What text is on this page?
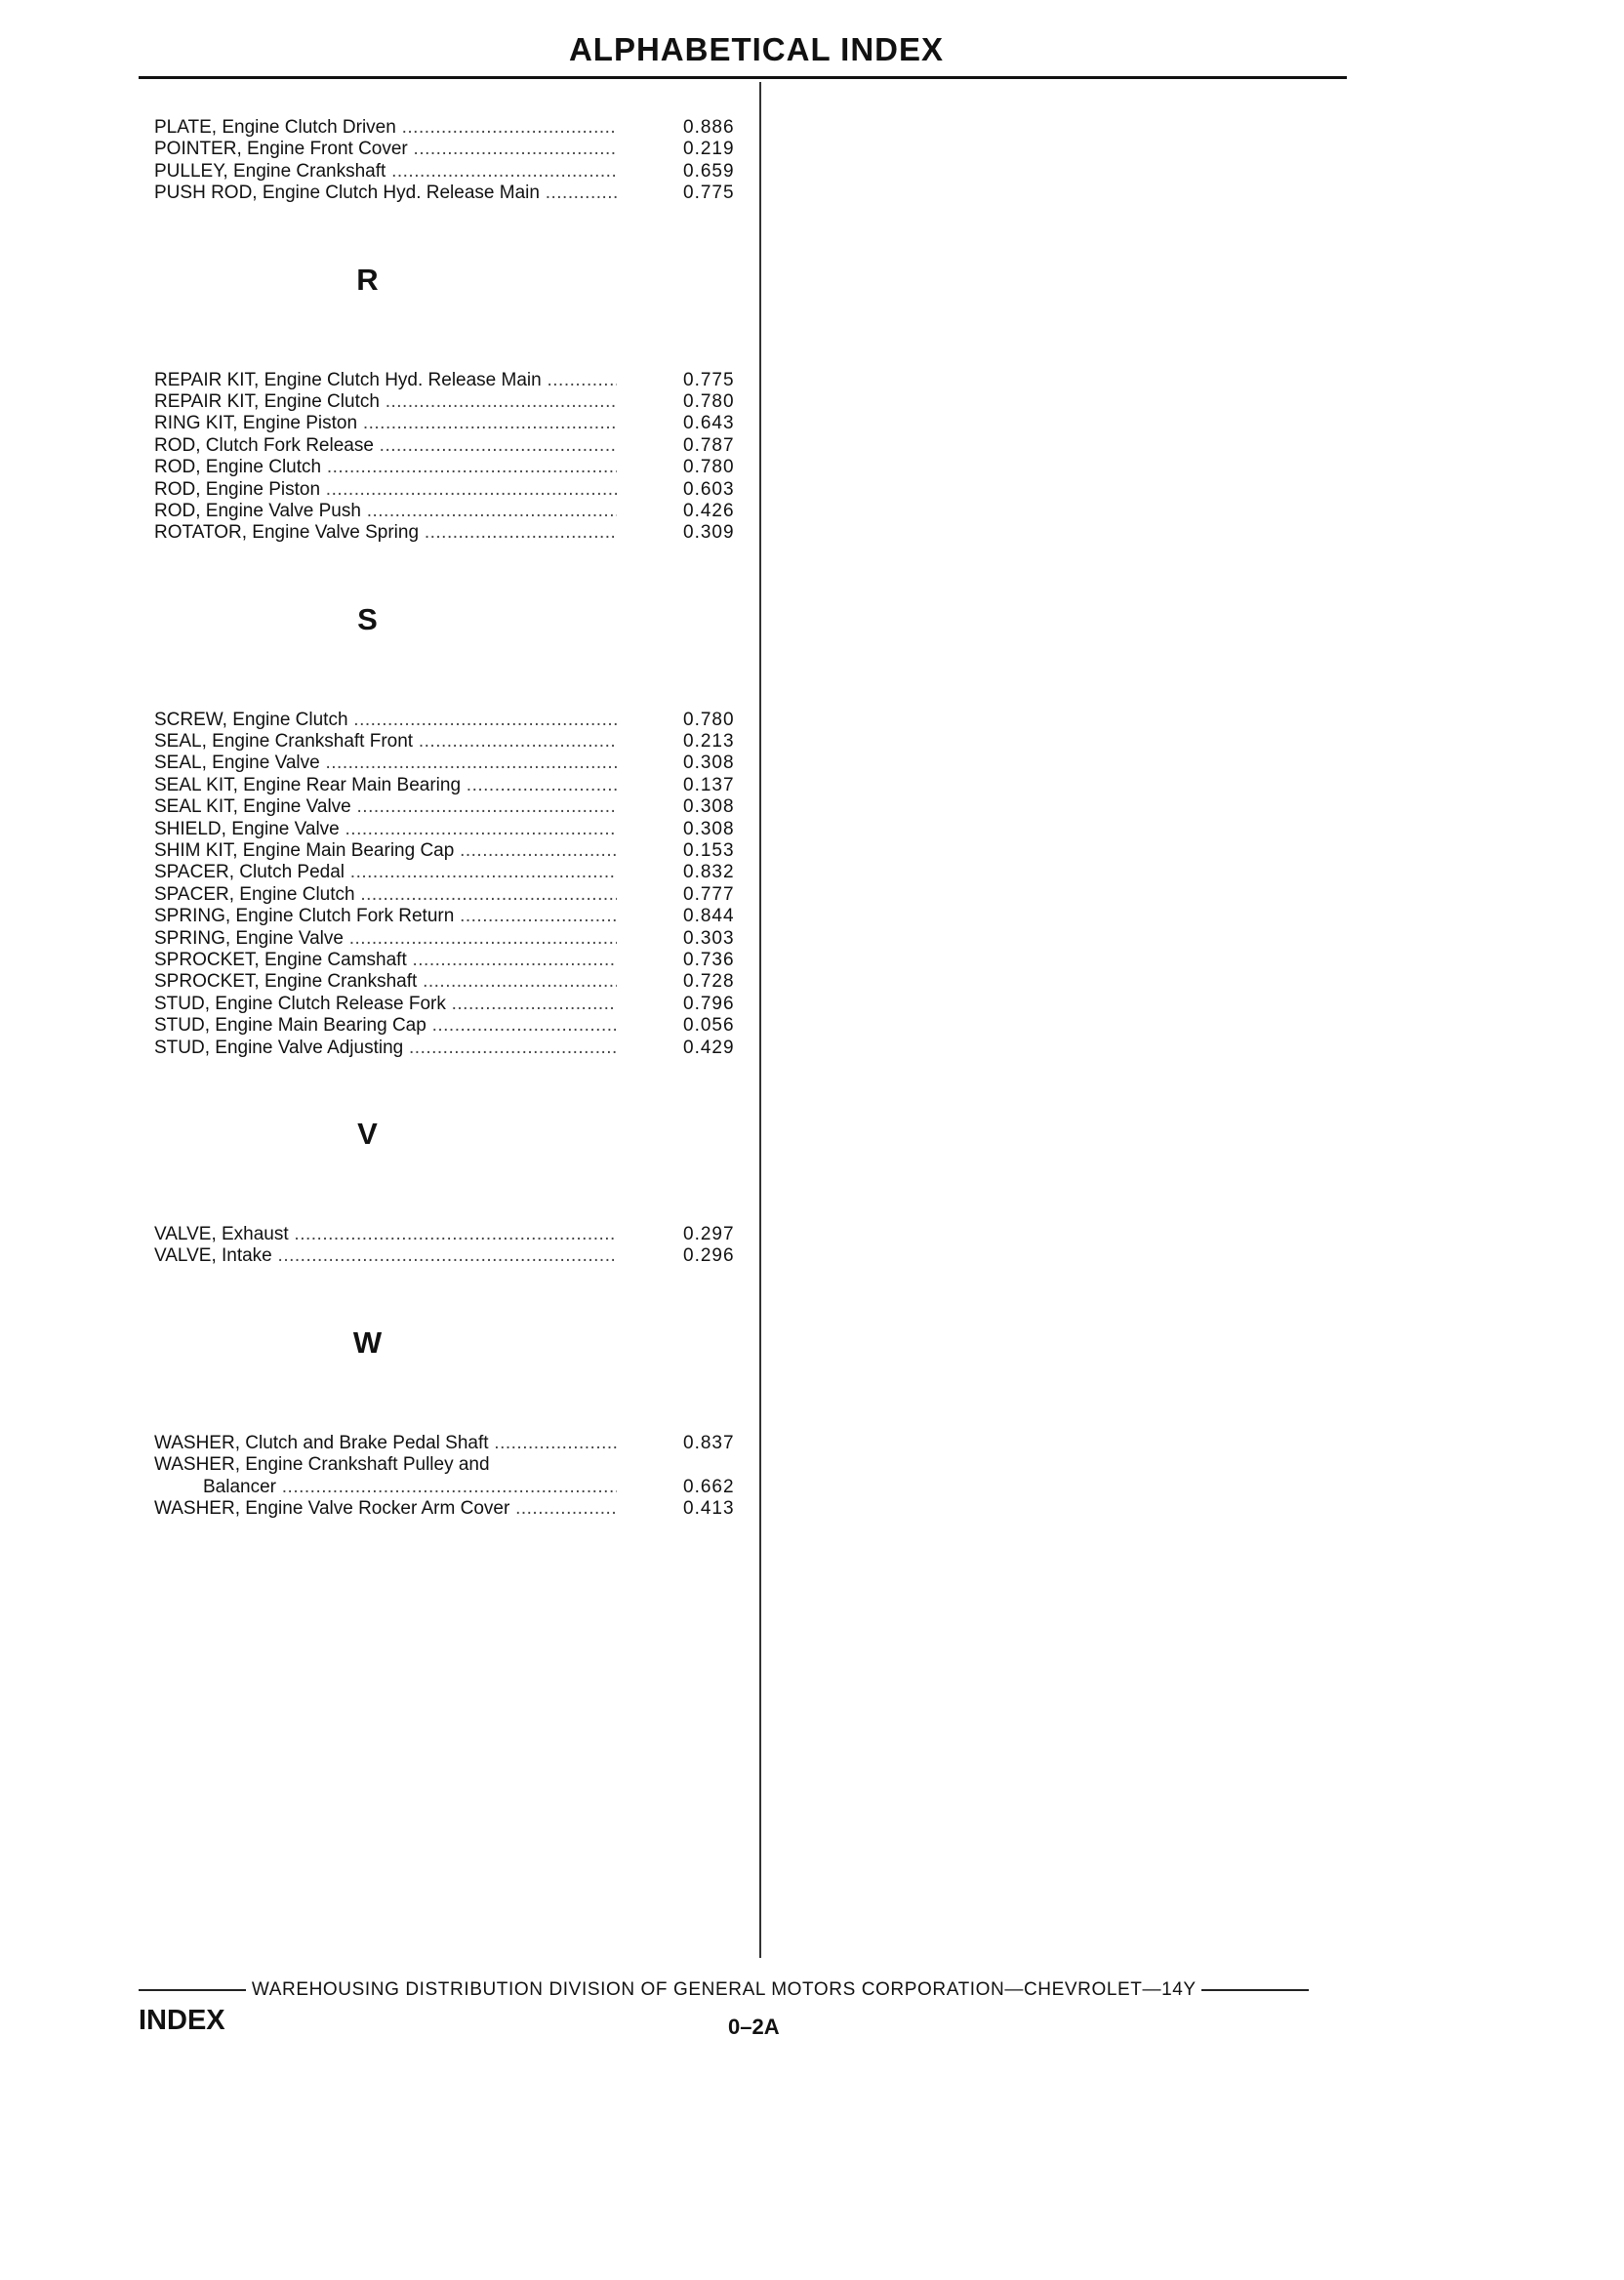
ALPHABETICAL INDEX
PLATE, Engine Clutch Driven .....	0.886
POINTER, Engine Front Cover .....	0.219
PULLEY, Engine Crankshaft .....	0.659
PUSH ROD, Engine Clutch Hyd. Release Main .....	0.775
R
REPAIR KIT, Engine Clutch Hyd. Release Main .....	0.775
REPAIR KIT, Engine Clutch .....	0.780
RING KIT, Engine Piston .....	0.643
ROD, Clutch Fork Release .....	0.787
ROD, Engine Clutch .....	0.780
ROD, Engine Piston .....	0.603
ROD, Engine Valve Push .....	0.426
ROTATOR, Engine Valve Spring .....	0.309
S
SCREW, Engine Clutch .....	0.780
SEAL, Engine Crankshaft Front .....	0.213
SEAL, Engine Valve .....	0.308
SEAL KIT, Engine Rear Main Bearing .....	0.137
SEAL KIT, Engine Valve .....	0.308
SHIELD, Engine Valve .....	0.308
SHIM KIT, Engine Main Bearing Cap .....	0.153
SPACER, Clutch Pedal .....	0.832
SPACER, Engine Clutch .....	0.777
SPRING, Engine Clutch Fork Return .....	0.844
SPRING, Engine Valve .....	0.303
SPROCKET, Engine Camshaft .....	0.736
SPROCKET, Engine Crankshaft .....	0.728
STUD, Engine Clutch Release Fork .....	0.796
STUD, Engine Main Bearing Cap .....	0.056
STUD, Engine Valve Adjusting .....	0.429
V
VALVE, Exhaust .....	0.297
VALVE, Intake .....	0.296
W
WASHER, Clutch and Brake Pedal Shaft .....	0.837
WASHER, Engine Crankshaft Pulley and
Balancer .....	0.662
WASHER, Engine Valve Rocker Arm Cover .....	0.413
WAREHOUSING DISTRIBUTION DIVISION OF GENERAL MOTORS CORPORATION—CHEVROLET—14Y
INDEX	0–2A
